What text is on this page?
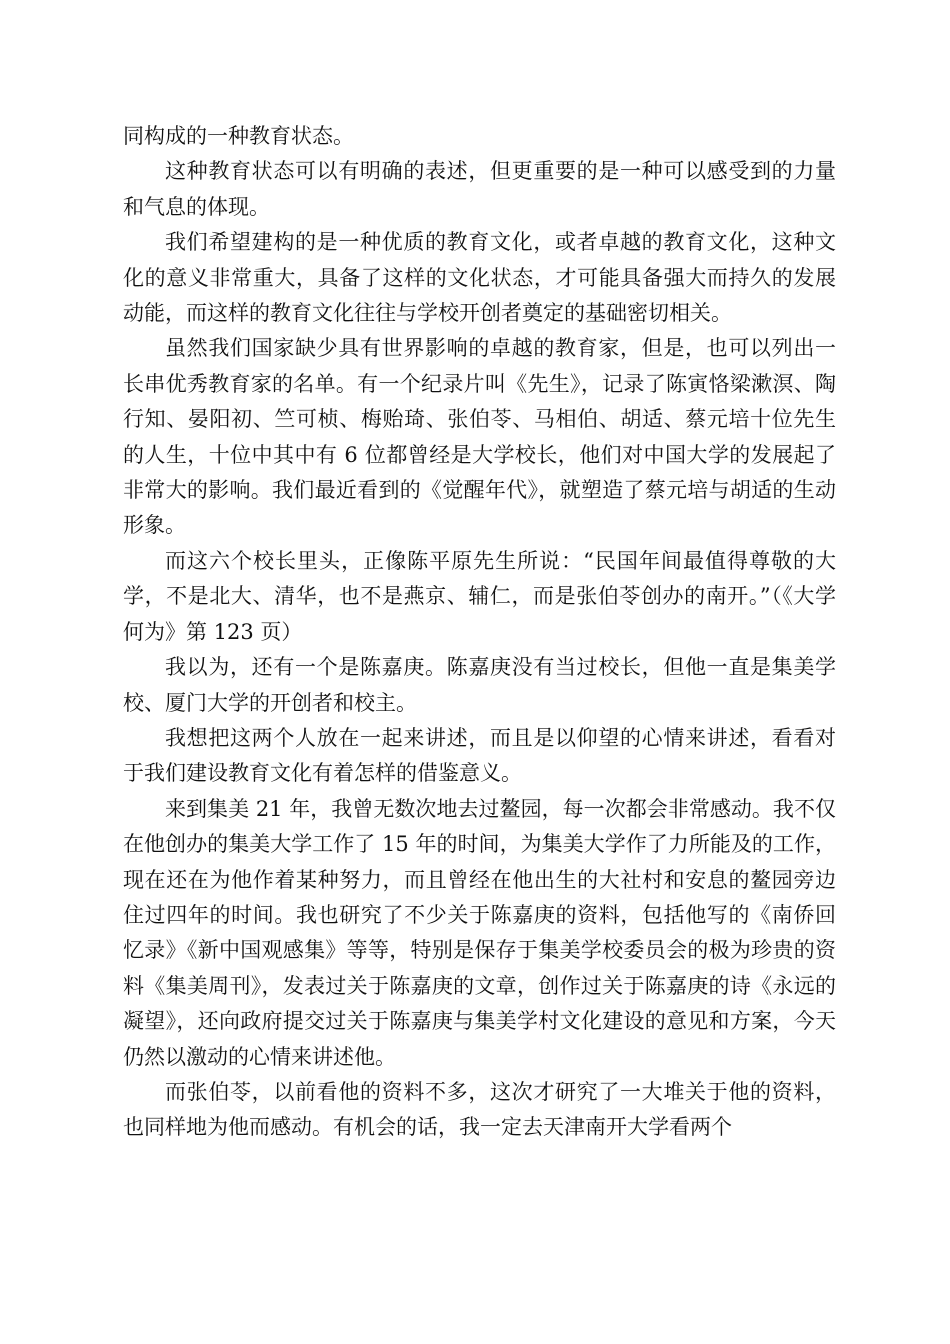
同构成的一种教育状态。

这种教育状态可以有明确的表述，但更重要的是一种可以感受到的力量和气息的体现。

我们希望建构的是一种优质的教育文化，或者卓越的教育文化，这种文化的意义非常重大，具备了这样的文化状态，才可能具备强大而持久的发展动能，而这样的教育文化往往与学校开创者奠定的基础密切相关。

虽然我们国家缺少具有世界影响的卓越的教育家，但是，也可以列出一长串优秀教育家的名单。有一个纪录片叫《先生》，记录了陈寅恪梁漱溟、陶行知、晏阳初、竺可桢、梅贻琦、张伯苓、马相伯、胡适、蔡元培十位先生的人生，十位中其中有 6 位都曾经是大学校长，他们对中国大学的发展起了非常大的影响。我们最近看到的《觉醒年代》，就塑造了蔡元培与胡适的生动形象。

而这六个校长里头，正像陈平原先生所说：“民国年间最值得尊敬的大学，不是北大、清华，也不是燕京、辅仁，而是张伯苓创办的南开。”（《大学何为》第 123 页）

我以为，还有一个是陈嘉庚。陈嘉庚没有当过校长，但他一直是集美学校、厦门大学的开创者和校主。

我想把这两个人放在一起来讲述，而且是以仰望的心情来讲述，看看对于我们建设教育文化有着怎样的借鉴意义。

来到集美 21 年，我曾无数次地去过鳌园，每一次都会非常感动。我不仅在他创办的集美大学工作了 15 年的时间，为集美大学作了力所能及的工作，现在还在为他作着某种努力，而且曾经在他出生的大社村和安息的鳌园旁边住过四年的时间。我也研究了不少关于陈嘉庚的资料，包括他写的《南侨回忆录》《新中国观感集》等等，特别是保存于集美学校委员会的极为珍贵的资料《集美周刊》，发表过关于陈嘉庚的文章，创作过关于陈嘉庚的诗《永远的凝望》，还向政府提交过关于陈嘉庚与集美学村文化建设的意见和方案，今天仍然以激动的心情来讲述他。

而张伯苓，以前看他的资料不多，这次才研究了一大堆关于他的资料，也同样地为他而感动。有机会的话，我一定去天津南开大学看两个
